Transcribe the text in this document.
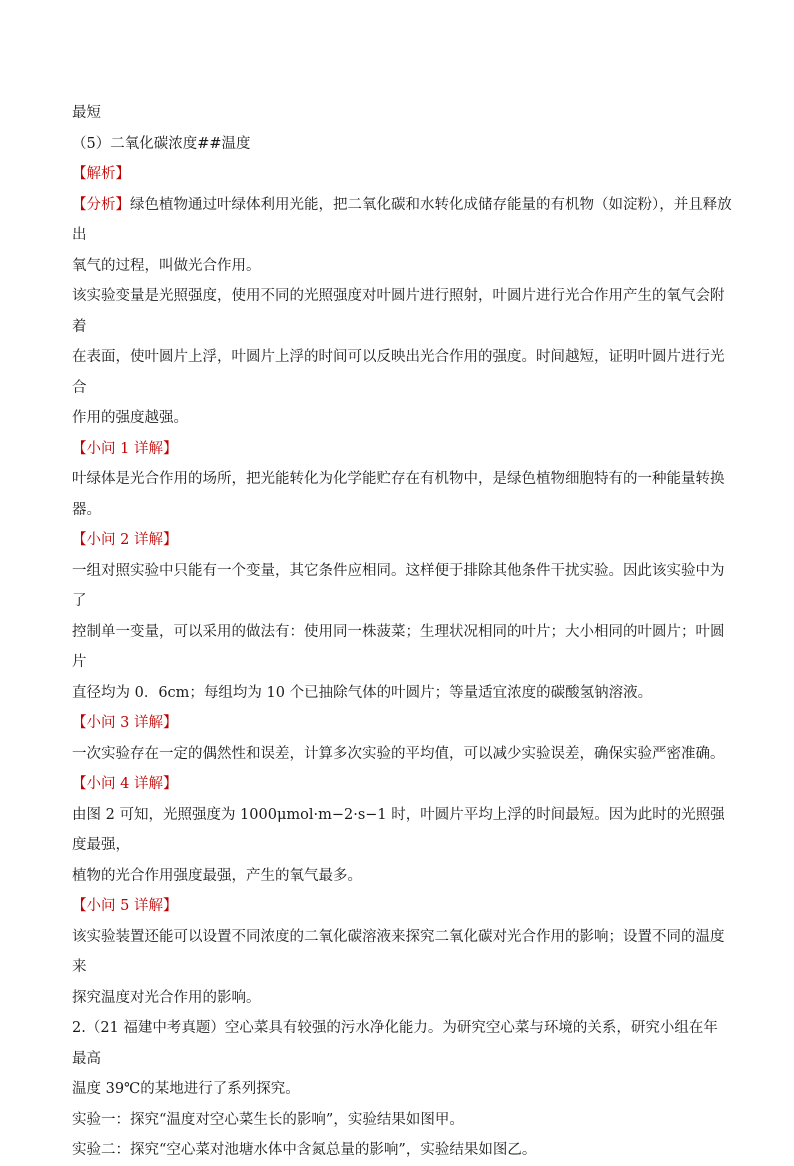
最短

（5）二氧化碳浓度##温度

【解析】

【分析】绿色植物通过叶绿体利用光能，把二氧化碳和水转化成储存能量的有机物（如淀粉），并且释放出

氧气的过程，叫做光合作用。

该实验变量是光照强度，使用不同的光照强度对叶圆片进行照射，叶圆片进行光合作用产生的氧气会附着

在表面，使叶圆片上浮，叶圆片上浮的时间可以反映出光合作用的强度。时间越短，证明叶圆片进行光合

作用的强度越强。

【小问 1 详解】

叶绿体是光合作用的场所，把光能转化为化学能贮存在有机物中，是绿色植物细胞特有的一种能量转换器。

【小问 2 详解】

一组对照实验中只能有一个变量，其它条件应相同。这样便于排除其他条件干扰实验。因此该实验中为了

控制单一变量，可以采用的做法有：使用同一株菠菜；生理状况相同的叶片；大小相同的叶圆片；叶圆片

直径均为 0．6cm；每组均为 10 个已抽除气体的叶圆片；等量适宜浓度的碳酸氢钠溶液。

【小问 3 详解】

一次实验存在一定的偶然性和误差，计算多次实验的平均值，可以减少实验误差，确保实验严密准确。

【小问 4 详解】

由图 2 可知，光照强度为 1000μmol·m−2·s−1 时，叶圆片平均上浮的时间最短。因为此时的光照强度最强，

植物的光合作用强度最强，产生的氧气最多。

【小问 5 详解】

该实验装置还能可以设置不同浓度的二氧化碳溶液来探究二氧化碳对光合作用的影响；设置不同的温度来

探究温度对光合作用的影响。

2.（21 福建中考真题）空心菜具有较强的污水净化能力。为研究空心菜与环境的关系，研究小组在年最高

温度 39℃的某地进行了系列探究。

实验一：探究“温度对空心菜生长的影响”，实验结果如图甲。

实验二：探究“空心菜对池塘水体中含氮总量的影响”，实验结果如图乙。
